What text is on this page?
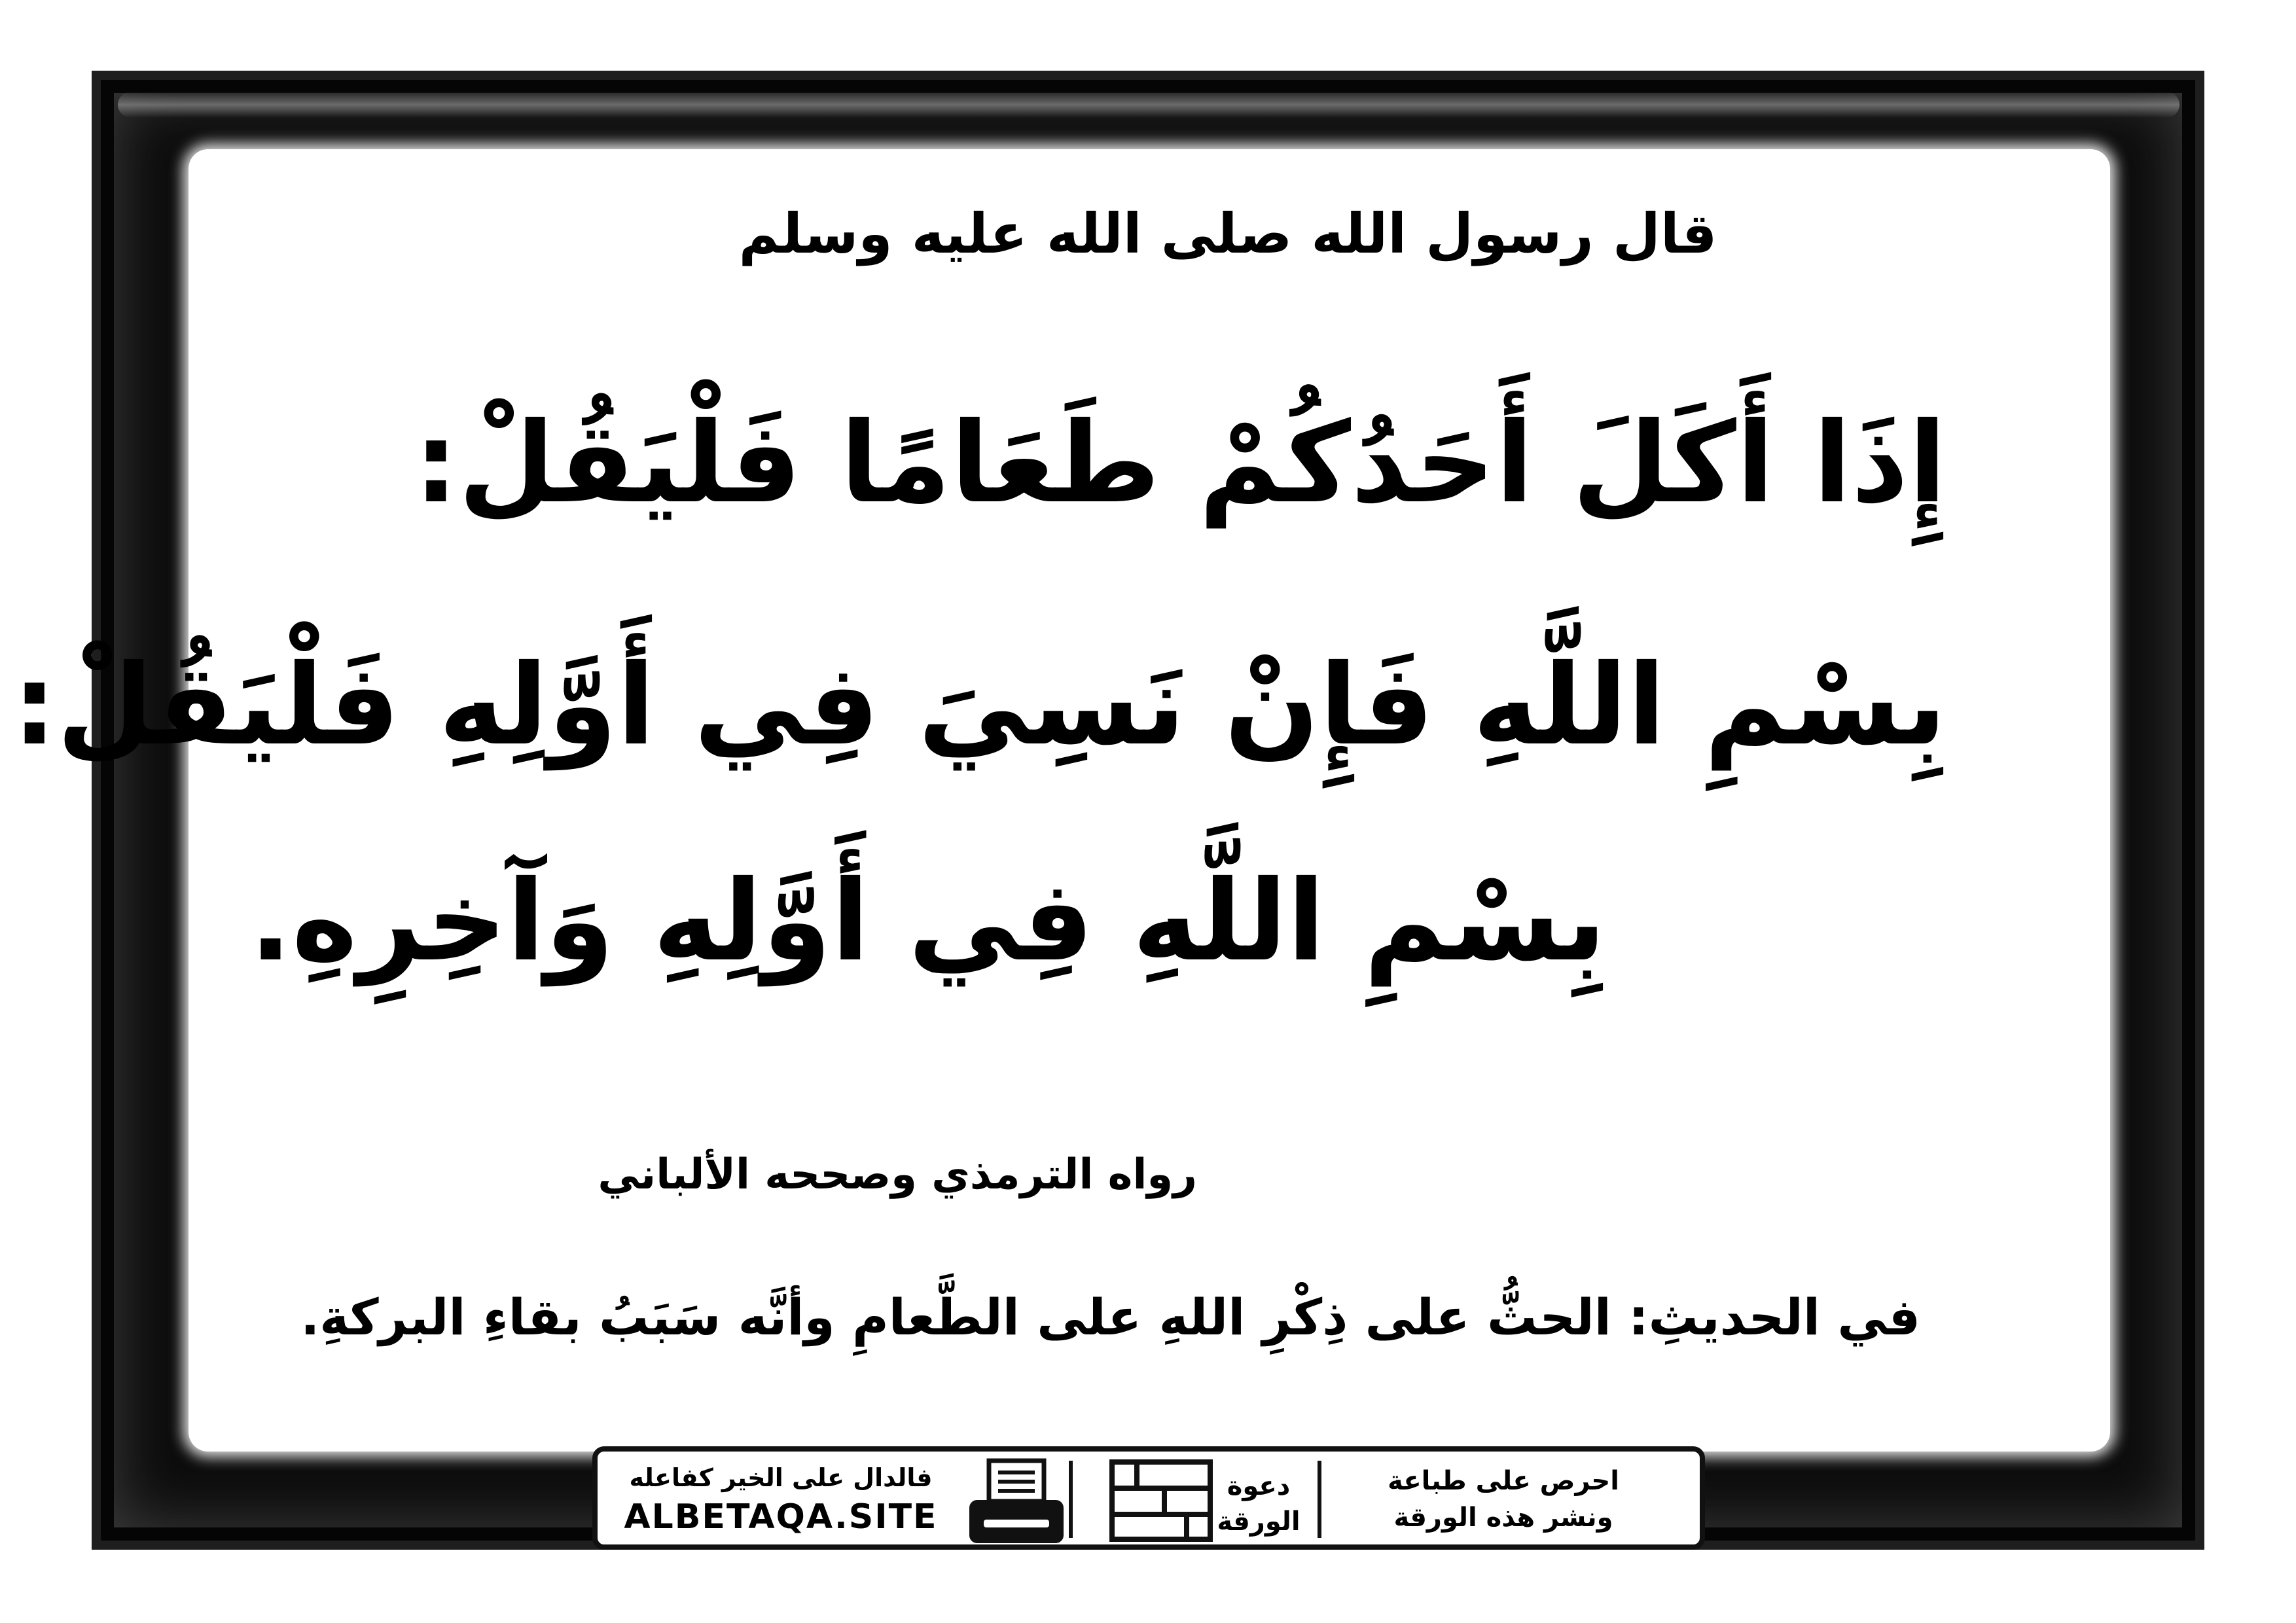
قال رسول الله صلى الله عليه وسلم
إِذَا أَكَلَ أَحَدُكُمْ طَعَامًا فَلْيَقُلْ:
بِسْمِ اللَّهِ فَإِنْ نَسِيَ فِي أَوَّلِهِ فَلْيَقُلْ:
بِسْمِ اللَّهِ فِي أَوَّلِهِ وَآخِرِهِ.
رواه الترمذي وصححه الألباني
في الحديثِ: الحثُّ على ذِكْرِ اللهِ على الطَّعامِ وأنَّه سَبَبُ بقاءِ البركةِ.
فالدال على الخير كفاعله
ALBETAQA.SITE
دعوة
الورقة
احرص على طباعة
ونشر هذه الورقة
